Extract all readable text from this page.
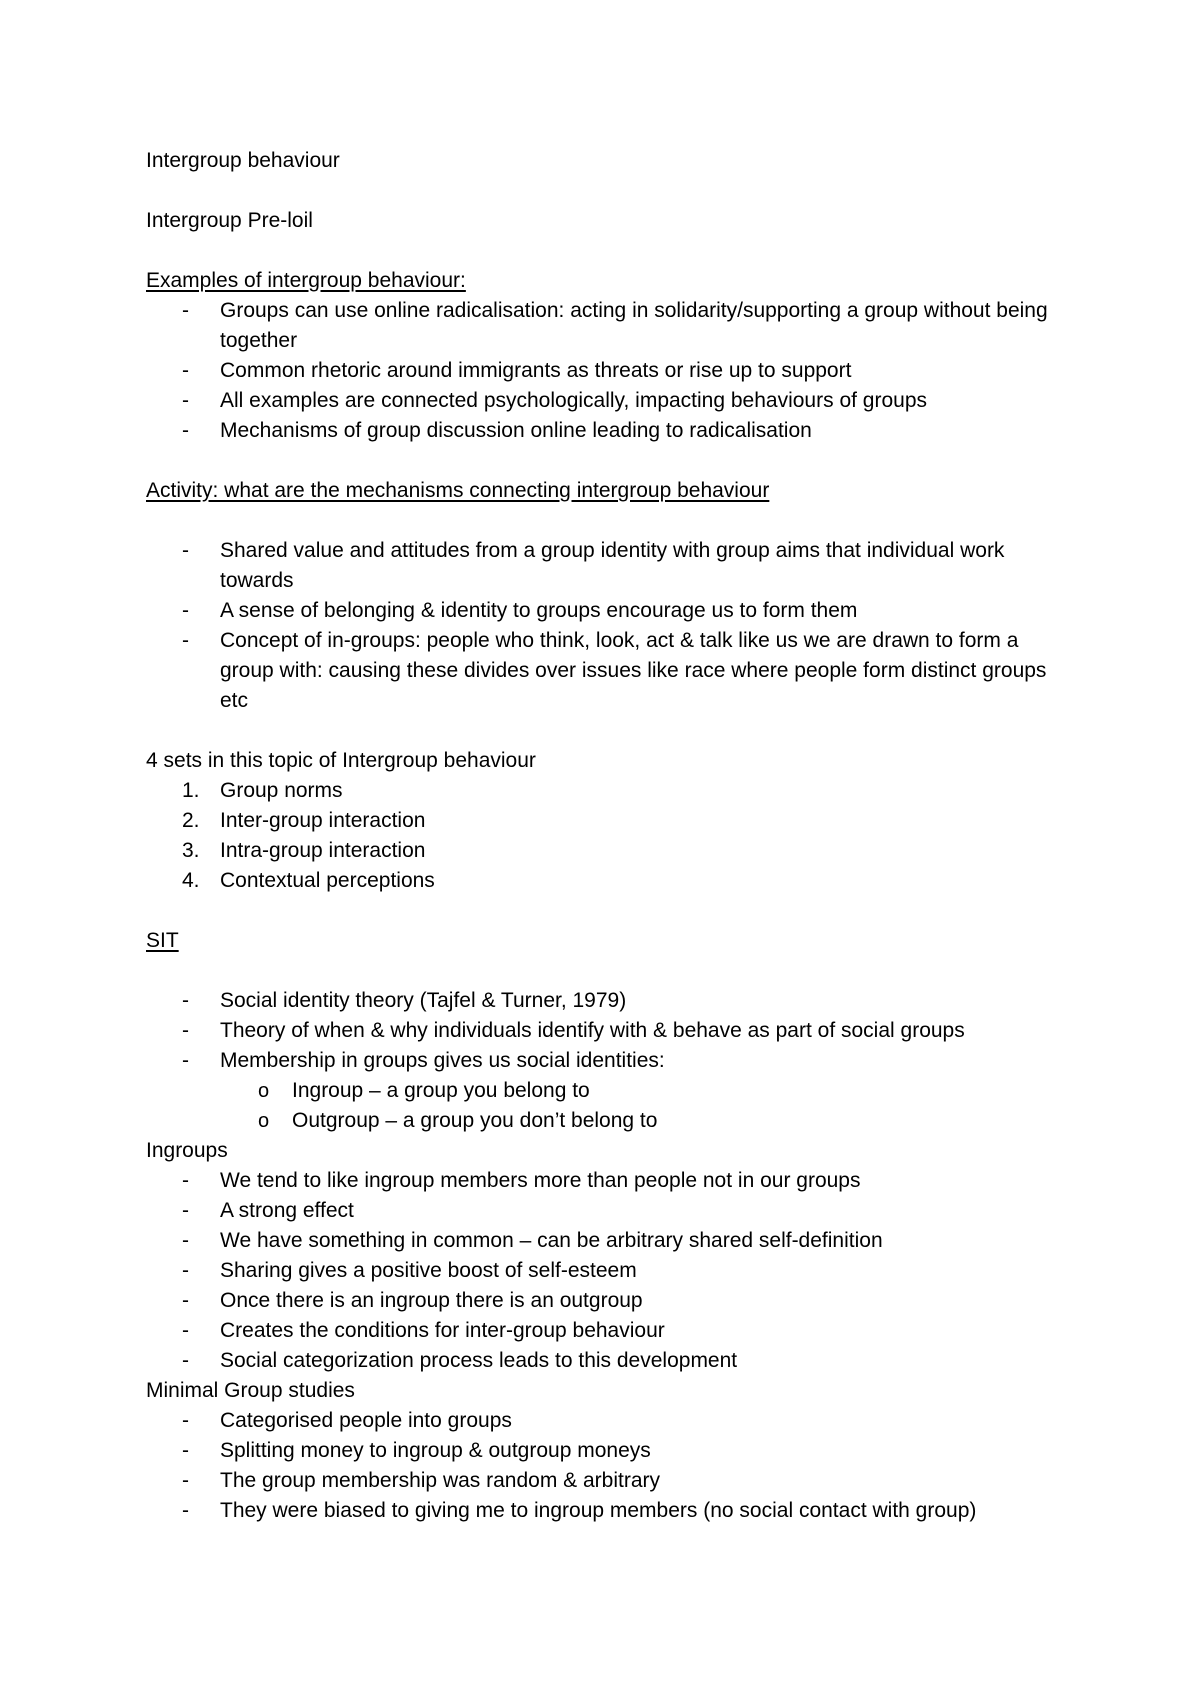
Intergroup behaviour

Intergroup Pre-loil

Examples of intergroup behaviour:

- Groups can use online radicalisation: acting in solidarity/supporting a group without being together
- Common rhetoric around immigrants as threats or rise up to support
- All examples are connected psychologically, impacting behaviours of groups
- Mechanisms of group discussion online leading to radicalisation

Activity: what are the mechanisms connecting intergroup behaviour

- Shared value and attitudes from a group identity with group aims that individual work towards
- A sense of belonging & identity to groups encourage us to form them
- Concept of in-groups: people who think, look, act & talk like us we are drawn to form a group with: causing these divides over issues like race where people form distinct groups etc

4 sets in this topic of Intergroup behaviour

1. Group norms
2. Inter-group interaction
3. Intra-group interaction
4. Contextual perceptions

SIT

- Social identity theory (Tajfel & Turner, 1979)
- Theory of when & why individuals identify with & behave as part of social groups
- Membership in groups gives us social identities:
o Ingroup – a group you belong to
o Outgroup – a group you don’t belong to

Ingroups

- We tend to like ingroup members more than people not in our groups
- A strong effect
- We have something in common – can be arbitrary shared self-definition
- Sharing gives a positive boost of self-esteem
- Once there is an ingroup there is an outgroup
- Creates the conditions for inter-group behaviour
- Social categorization process leads to this development

Minimal Group studies

- Categorised people into groups
- Splitting money to ingroup & outgroup moneys
- The group membership was random & arbitrary
- They were biased to giving me to ingroup members (no social contact with group)
